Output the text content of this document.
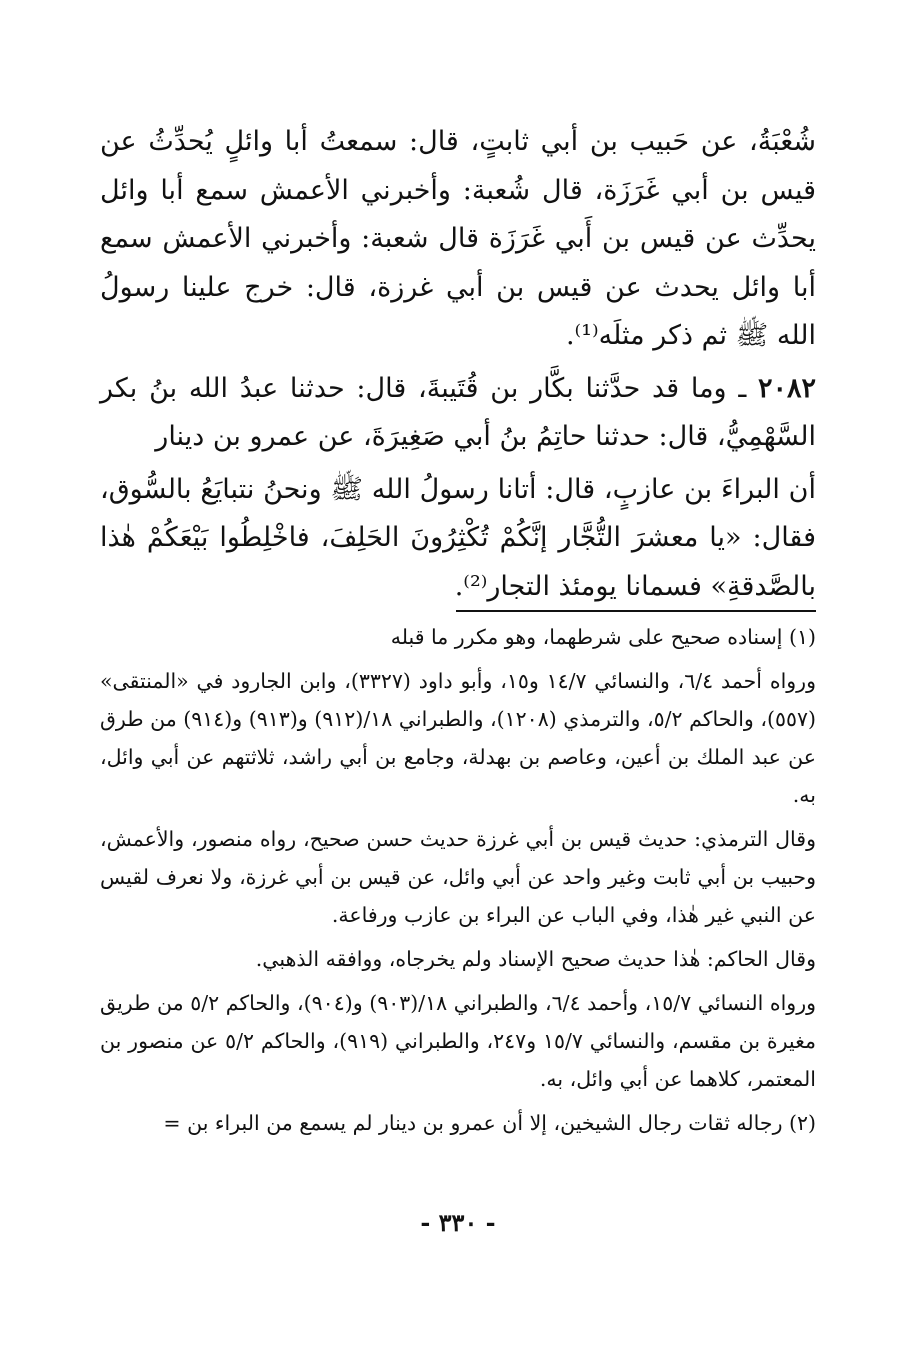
شُعْبَةُ، عن حَبيب بن أبي ثابتٍ، قال: سمعتُ أبا وائلٍ يُحدِّثُ عن قيس بن أبي غَرَزَة، قال شُعبة: وأخبرني الأعمش سمع أبا وائل يحدِّث عن قيس بن أَبي غَرَزَة قال شعبة: وأخبرني الأعمش سمع أبا وائل يحدث عن قيس بن أبي غرزة، قال: خرج علينا رسولُ الله ﷺ ثم ذكر مثلَه⁽¹⁾.

٢٠٨٢ ـ وما قد حدَّثنا بكَّار بن قُتَيبةَ، قال: حدثنا عبدُ الله بنُ بكر السَّهْمِيُّ، قال: حدثنا حاتِمُ بنُ أبي صَغِيرَةَ، عن عمرو بن دينار

أن البراءَ بن عازبٍ، قال: أتانا رسولُ الله ﷺ ونحنُ نتبايَعُ بالسُّوق، فقال: «يا معشرَ التُّجَّار إنَّكُمْ تُكْثِرُونَ الحَلِفَ، فاخْلِطُوا بَيْعَكُمْ هٰذا بالصَّدقةِ» فسمانا يومئذ التجار⁽²⁾.

(١) إسناده صحيح على شرطهما، وهو مكرر ما قبله

ورواه أحمد ٦/٤، والنسائي ١٤/٧ و١٥، وأبو داود (٣٣٢٧)، وابن الجارود في «المنتقى» (٥٥٧)، والحاكم ٥/٢، والترمذي (١٢٠٨)، والطبراني ١٨/(٩١٢) و(٩١٣) و(٩١٤) من طرق عن عبد الملك بن أعين، وعاصم بن بهدلة، وجامع بن أبي راشد، ثلاثتهم عن أبي وائل، به.

وقال الترمذي: حديث قيس بن أبي غرزة حديث حسن صحيح، رواه منصور، والأعمش، وحبيب بن أبي ثابت وغير واحد عن أبي وائل، عن قيس بن أبي غرزة، ولا نعرف لقيس عن النبي غير هٰذا، وفي الباب عن البراء بن عازب ورفاعة.

وقال الحاكم: هٰذا حديث صحيح الإسناد ولم يخرجاه، ووافقه الذهبي.

ورواه النسائي ١٥/٧، وأحمد ٦/٤، والطبراني ١٨/(٩٠٣) و(٩٠٤)، والحاكم ٥/٢ من طريق مغيرة بن مقسم، والنسائي ١٥/٧ و٢٤٧، والطبراني (٩١٩)، والحاكم ٥/٢ عن منصور بن المعتمر، كلاهما عن أبي وائل، به.

(٢) رجاله ثقات رجال الشيخين، إلا أن عمرو بن دينار لم يسمع من البراء بن =

- ٣٣٠ -
